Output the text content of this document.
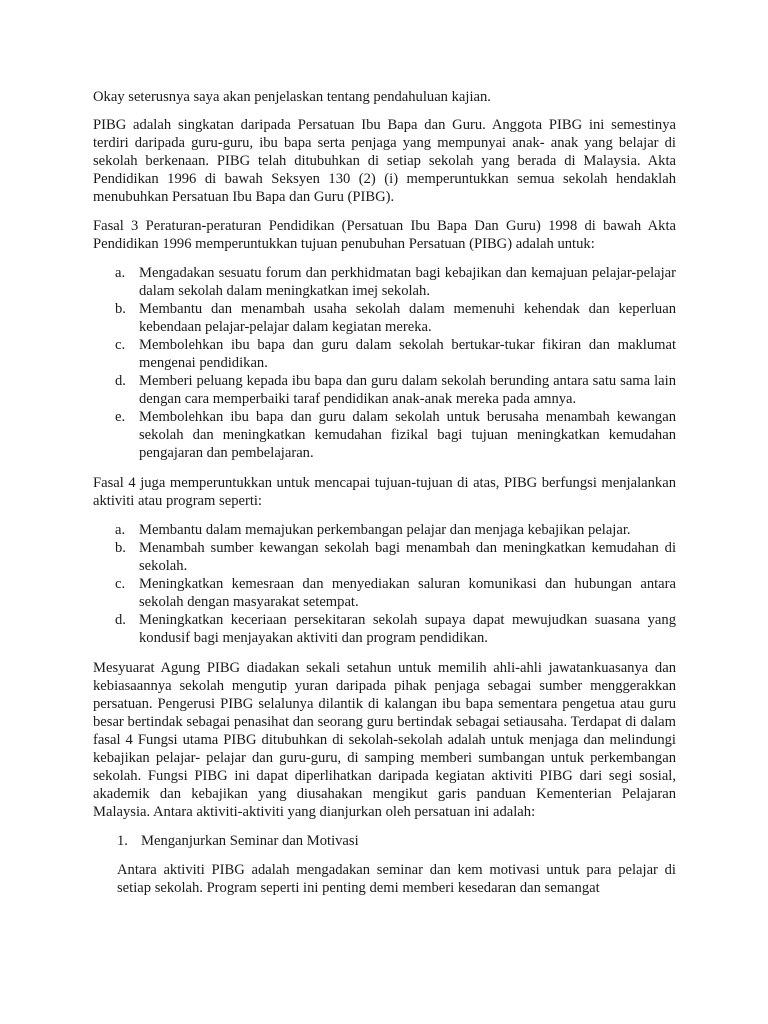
Okay seterusnya saya akan penjelaskan tentang pendahuluan kajian.

PIBG adalah singkatan daripada Persatuan Ibu Bapa dan Guru. Anggota PIBG ini semestinya terdiri daripada guru-guru, ibu bapa serta penjaga yang mempunyai anak- anak yang belajar di sekolah berkenaan. PIBG telah ditubuhkan di setiap sekolah yang berada di Malaysia. Akta Pendidikan 1996 di bawah Seksyen 130 (2) (i) memperuntukkan semua sekolah hendaklah menubuhkan Persatuan Ibu Bapa dan Guru (PIBG).

Fasal 3 Peraturan-peraturan Pendidikan (Persatuan Ibu Bapa Dan Guru) 1998 di bawah Akta Pendidikan 1996 memperuntukkan tujuan penubuhan Persatuan (PIBG) adalah untuk:

a. Mengadakan sesuatu forum dan perkhidmatan bagi kebajikan dan kemajuan pelajar-pelajar dalam sekolah dalam meningkatkan imej sekolah.
b. Membantu dan menambah usaha sekolah dalam memenuhi kehendak dan keperluan kebendaan pelajar-pelajar dalam kegiatan mereka.
c. Membolehkan ibu bapa dan guru dalam sekolah bertukar-tukar fikiran dan maklumat mengenai pendidikan.
d. Memberi peluang kepada ibu bapa dan guru dalam sekolah berunding antara satu sama lain dengan cara memperbaiki taraf pendidikan anak-anak mereka pada amnya.
e. Membolehkan ibu bapa dan guru dalam sekolah untuk berusaha menambah kewangan sekolah dan meningkatkan kemudahan fizikal bagi tujuan meningkatkan kemudahan pengajaran dan pembelajaran.

Fasal 4 juga memperuntukkan untuk mencapai tujuan-tujuan di atas, PIBG berfungsi menjalankan aktiviti atau program seperti:

a. Membantu dalam memajukan perkembangan pelajar dan menjaga kebajikan pelajar.
b. Menambah sumber kewangan sekolah bagi menambah dan meningkatkan kemudahan di sekolah.
c. Meningkatkan kemesraan dan menyediakan saluran komunikasi dan hubungan antara sekolah dengan masyarakat setempat.
d. Meningkatkan keceriaan persekitaran sekolah supaya dapat mewujudkan suasana yang kondusif bagi menjayakan aktiviti dan program pendidikan.

Mesyuarat Agung PIBG diadakan sekali setahun untuk memilih ahli-ahli jawatankuasanya dan kebiasaannya sekolah mengutip yuran daripada pihak penjaga sebagai sumber menggerakkan persatuan. Pengerusi PIBG selalunya dilantik di kalangan ibu bapa sementara pengetua atau guru besar bertindak sebagai penasihat dan seorang guru bertindak sebagai setiausaha. Terdapat di dalam fasal 4 Fungsi utama PIBG ditubuhkan di sekolah-sekolah adalah untuk menjaga dan melindungi kebajikan pelajar- pelajar dan guru-guru, di samping memberi sumbangan untuk perkembangan sekolah. Fungsi PIBG ini dapat diperlihatkan daripada kegiatan aktiviti PIBG dari segi sosial, akademik dan kebajikan yang diusahakan mengikut garis panduan Kementerian Pelajaran Malaysia. Antara aktiviti-aktiviti yang dianjurkan oleh persatuan ini adalah:

1. Menganjurkan Seminar dan Motivasi

Antara aktiviti PIBG adalah mengadakan seminar dan kem motivasi untuk para pelajar di setiap sekolah. Program seperti ini penting demi memberi kesedaran dan semangat
